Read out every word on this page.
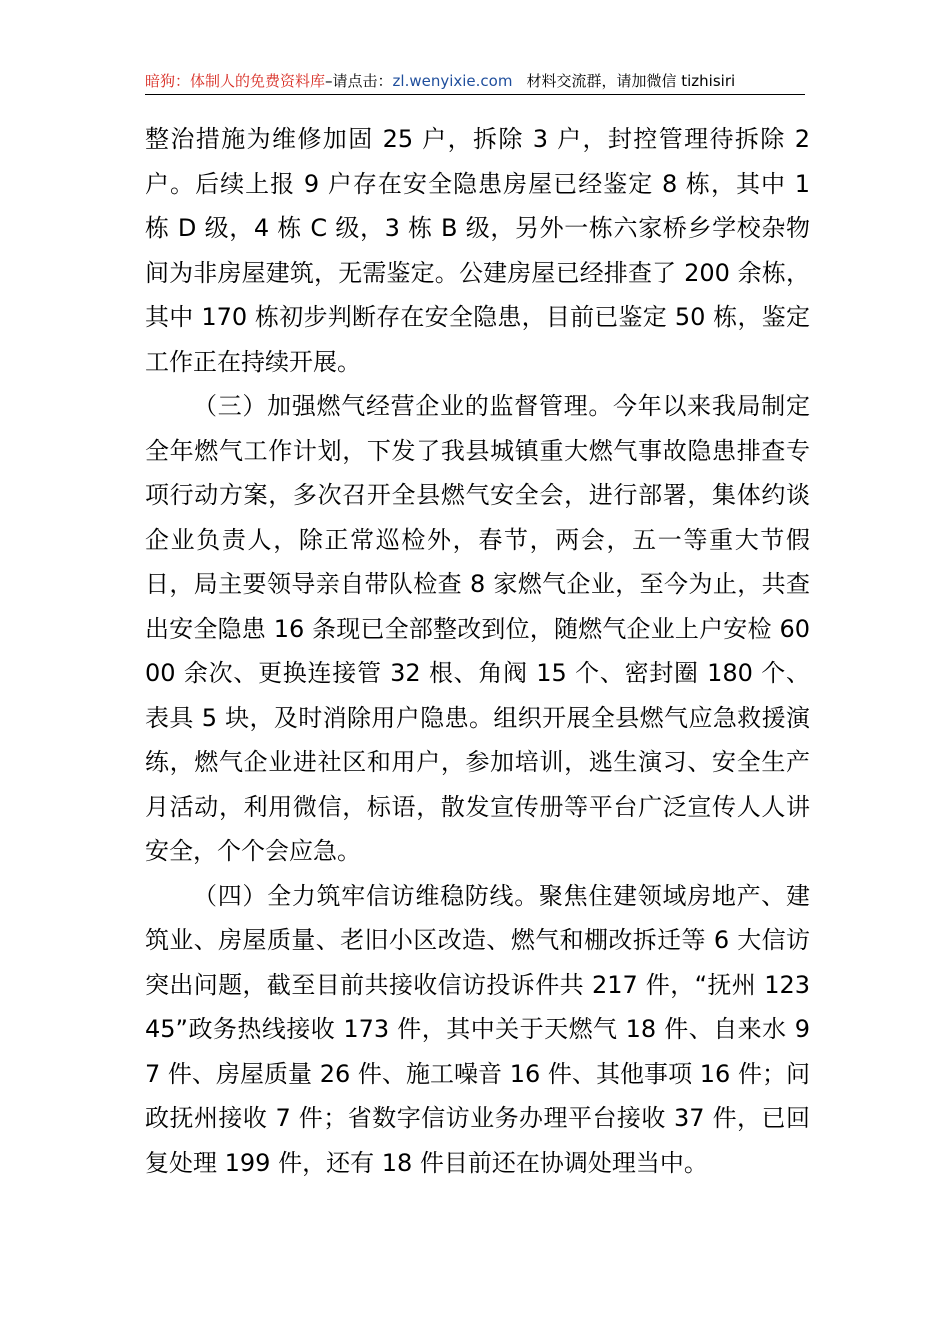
暗狗：体制人的免费资料库–请点击：zl.wenyixie.com 材料交流群，请加微信 tizhisiri

整治措施为维修加固 25 户，拆除 3 户，封控管理待拆除 2 户。后续上报 9 户存在安全隐患房屋已经鉴定 8 栋，其中 1 栋 D 级，4 栋 C 级，3 栋 B 级，另外一栋六家桥乡学校杂物间为非房屋建筑，无需鉴定。公建房屋已经排查了 200 余栋，其中 170 栋初步判断存在安全隐患，目前已鉴定 50 栋，鉴定工作正在持续开展。

（三）加强燃气经营企业的监督管理。今年以来我局制定全年燃气工作计划，下发了我县城镇重大燃气事故隐患排查专项行动方案，多次召开全县燃气安全会，进行部署，集体约谈企业负责人，除正常巡检外，春节，两会，五一等重大节假日，局主要领导亲自带队检查 8 家燃气企业，至今为止，共查出安全隐患 16 条现已全部整改到位，随燃气企业上户安检 6000 余次、更换连接管 32 根、角阀 15 个、密封圈 180 个、表具 5 块，及时消除用户隐患。组织开展全县燃气应急救援演练，燃气企业进社区和用户，参加培训，逃生演习、安全生产月活动，利用微信，标语，散发宣传册等平台广泛宣传人人讲安全，个个会应急。

（四）全力筑牢信访维稳防线。聚焦住建领域房地产、建筑业、房屋质量、老旧小区改造、燃气和棚改拆迁等 6 大信访突出问题，截至目前共接收信访投诉件共 217 件，“抚州 12345”政务热线接收 173 件，其中关于天燃气 18 件、自来水 97 件、房屋质量 26 件、施工噪音 16 件、其他事项 16 件；问政抚州接收 7 件；省数字信访业务办理平台接收 37 件，已回复处理 199 件，还有 18 件目前还在协调处理当中。
